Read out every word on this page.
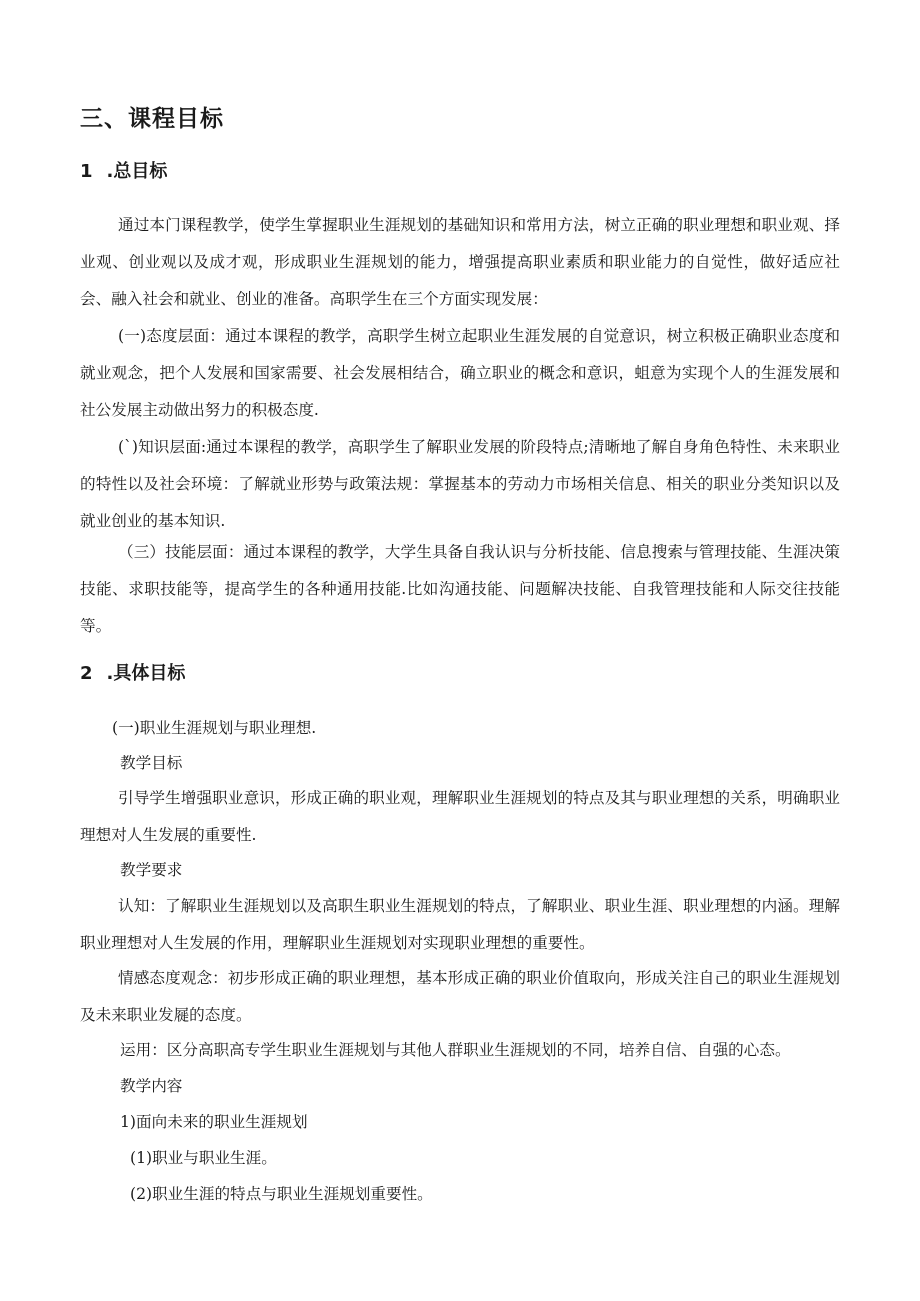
三、课程目标
1 .总目标

通过本门课程教学，使学生掌握职业生涯规划的基础知识和常用方法，树立正确的职业理想和职业观、择业观、创业观以及成才观，形成职业生涯规划的能力，增强提高职业素质和职业能力的自觉性，做好适应社会、融入社会和就业、创业的准备。高职学生在三个方面实现发展：

(一)态度层面：通过本课程的教学，高职学生树立起职业生涯发展的自觉意识，树立积极正确职业态度和就业观念，把个人发展和国家需要、社会发展相结合，确立职业的概念和意识，蛆意为实现个人的生涯发展和社公发展主动做出努力的积极态度.

(`)知识层面:通过本课程的教学，高职学生了解职业发展的阶段特点;清晰地了解自身角色特性、未来职业的特性以及社会环境：了解就业形势与政策法规：掌握基本的劳动力市场相关信息、相关的职业分类知识以及就业创业的基本知识.

（三）技能层面：通过本课程的教学，大学生具备自我认识与分析技能、信息搜索与管理技能、生涯决策技能、求职技能等，提高学生的各种通用技能.比如沟通技能、问题解决技能、自我管理技能和人际交往技能等。

2 .具体目标

(一)职业生涯规划与职业理想.

教学目标

引导学生增强职业意识，形成正确的职业观，理解职业生涯规划的特点及其与职业理想的关系，明确职业理想对人生发展的重要性.

教学要求

认知：了解职业生涯规划以及高职生职业生涯规划的特点，了解职业、职业生涯、职业理想的内涵。理解职业理想对人生发展的作用，理解职业生涯规划对实现职业理想的重要性。

情感态度观念：初步形成正确的职业理想，基本形成正确的职业价值取向，形成关注自己的职业生涯规划及未来职业发屣的态度。

运用：区分高职高专学生职业生涯规划与其他人群职业生涯规划的不同，培养自信、自强的心态。

教学内容

1)面向未来的职业生涯规划

(1)职业与职业生涯。

(2)职业生涯的特点与职业生涯规划重要性。
